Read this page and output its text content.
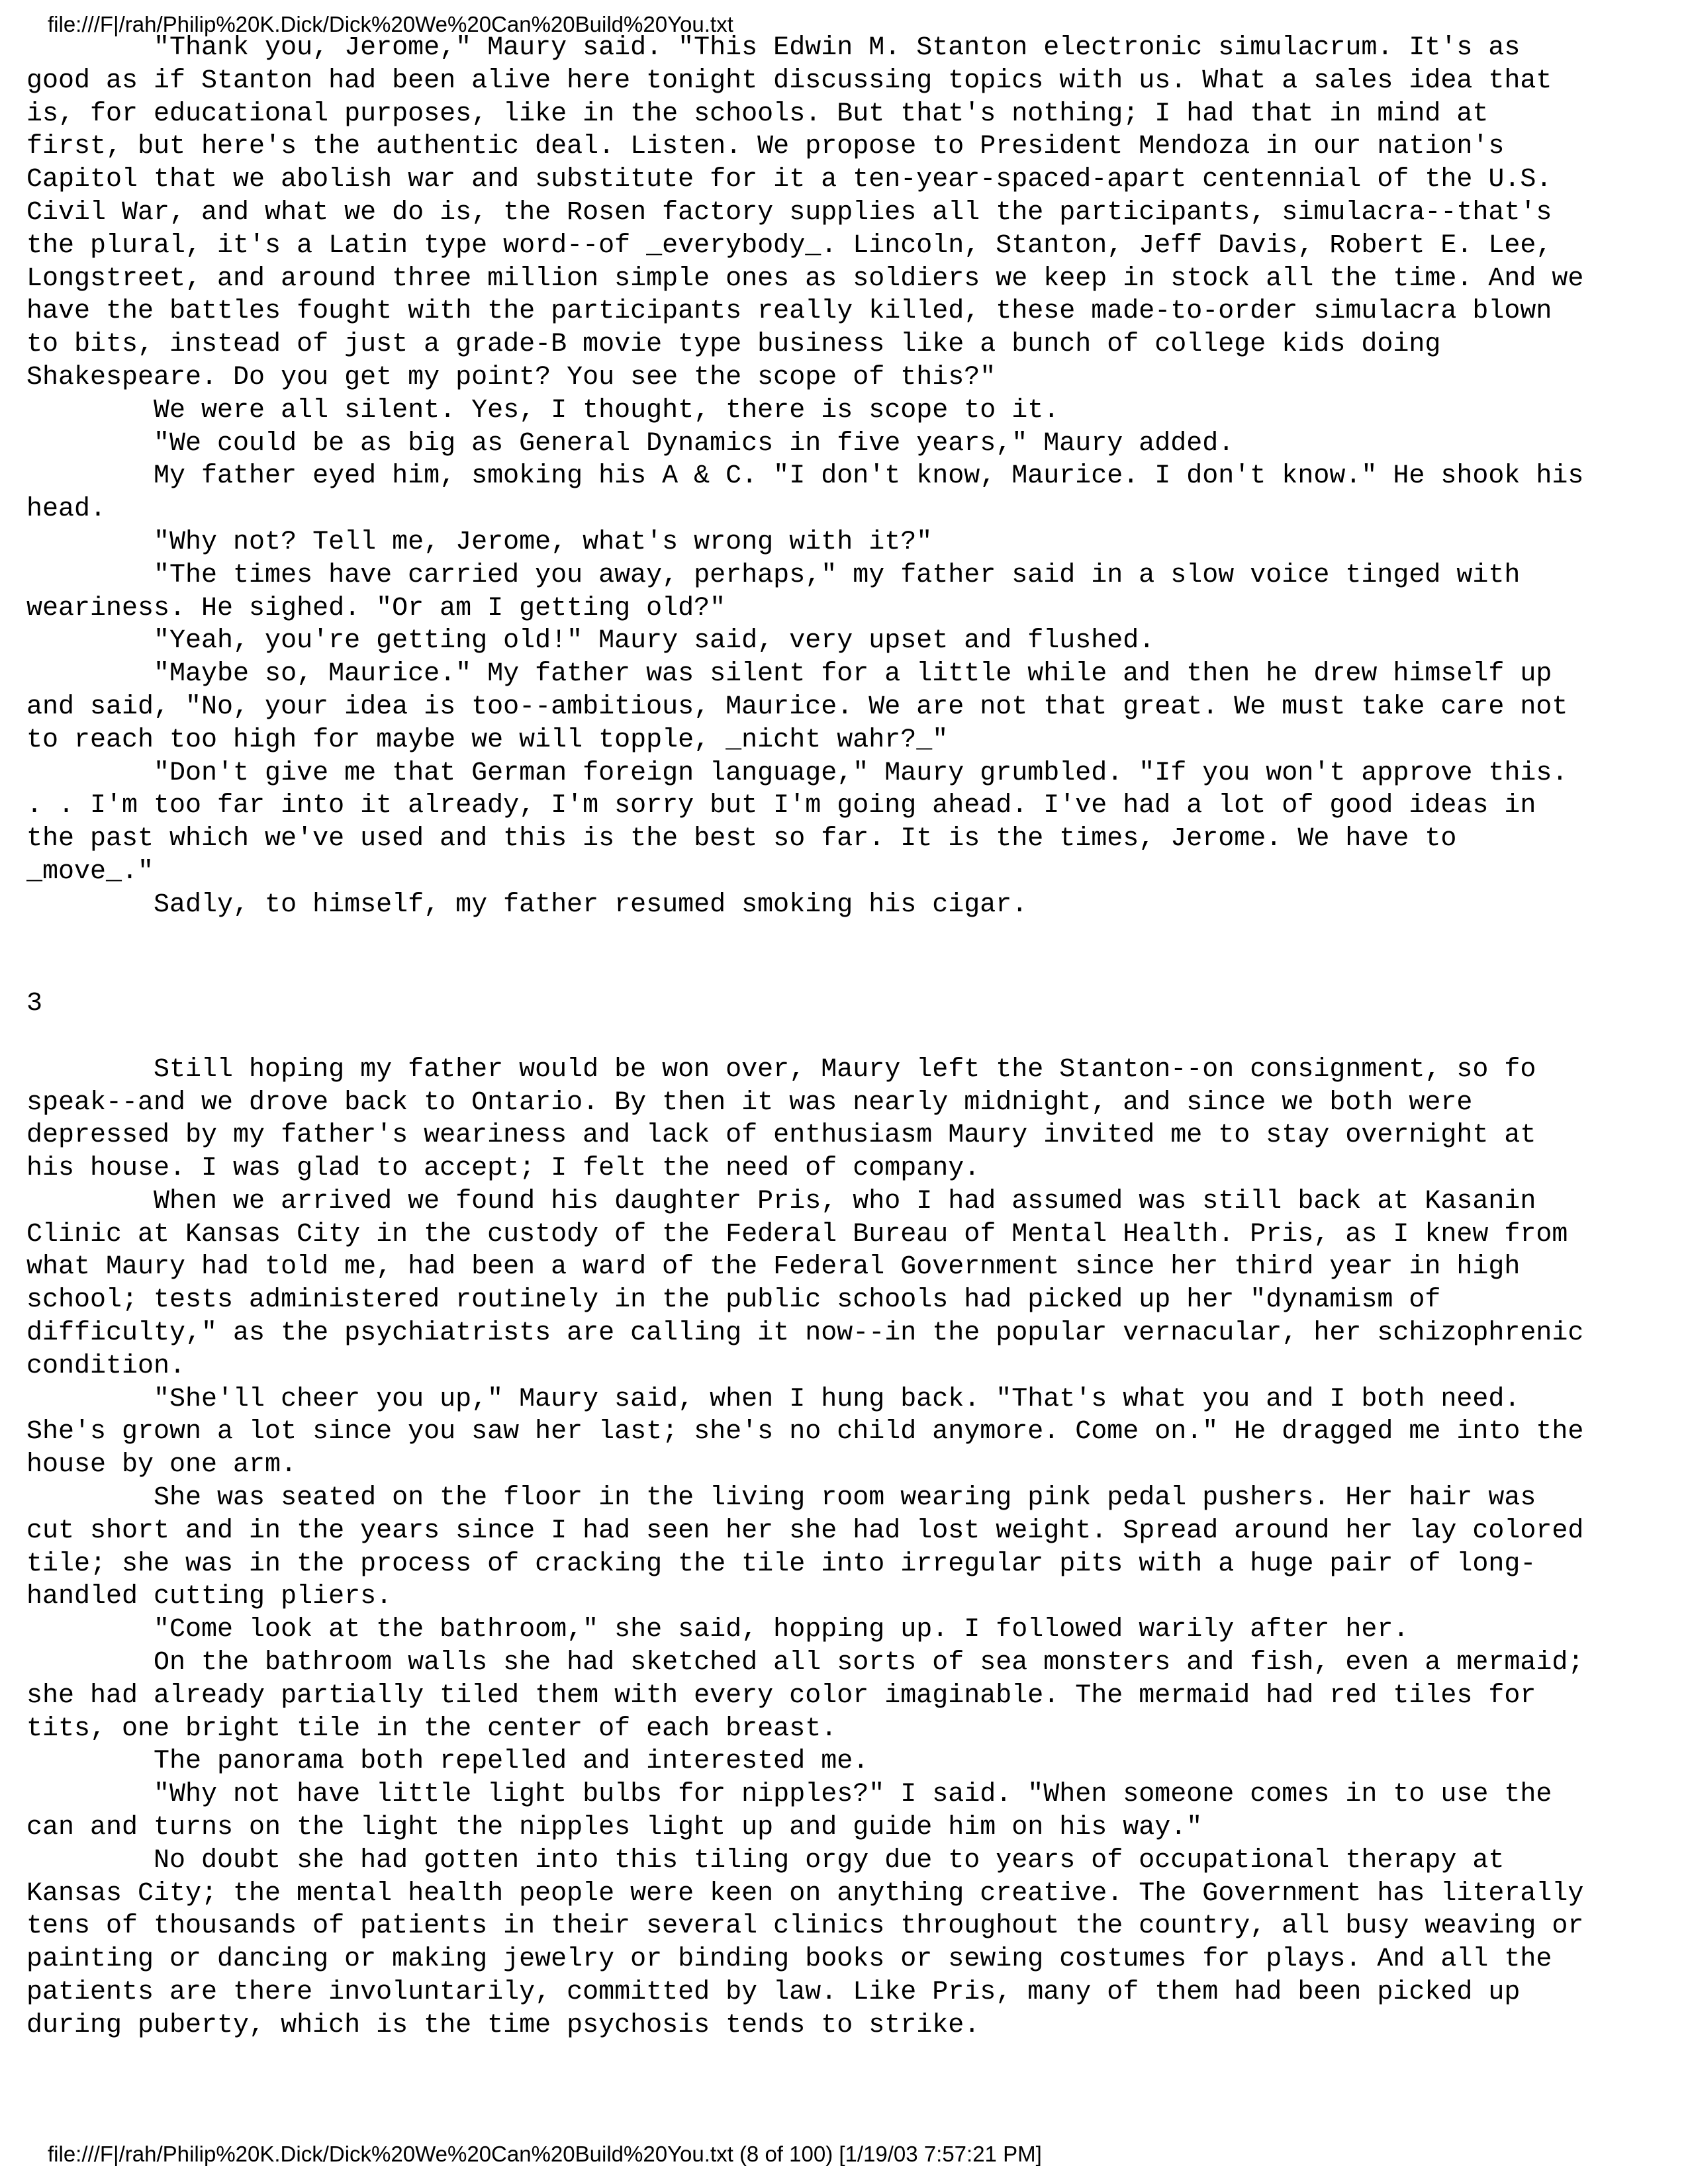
file:///F|/rah/Philip%20K.Dick/Dick%20We%20Can%20Build%20You.txt
"Thank you, Jerome," Maury said. "This Edwin M. Stanton electronic simulacrum. It's as
good as if Stanton had been alive here tonight discussing topics with us. What a sales idea that
is, for educational purposes, like in the schools. But that's nothing; I had that in mind at
first, but here's the authentic deal. Listen. We propose to President Mendoza in our nation's
Capitol that we abolish war and substitute for it a ten-year-spaced-apart centennial of the U.S.
Civil War, and what we do is, the Rosen factory supplies all the participants, simulacra--that's
the plural, it's a Latin type word--of _everybody_. Lincoln, Stanton, Jeff Davis, Robert E. Lee,
Longstreet, and around three million simple ones as soldiers we keep in stock all the time. And we
have the battles fought with the participants really killed, these made-to-order simulacra blown
to bits, instead of just a grade-B movie type business like a bunch of college kids doing
Shakespeare. Do you get my point? You see the scope of this?"
We were all silent. Yes, I thought, there is scope to it.
"We could be as big as General Dynamics in five years," Maury added.
My father eyed him, smoking his A & C. "I don't know, Maurice. I don't know." He shook his
head.
"Why not? Tell me, Jerome, what's wrong with it?"
"The times have carried you away, perhaps," my father said in a slow voice tinged with
weariness. He sighed. "Or am I getting old?"
"Yeah, you're getting old!" Maury said, very upset and flushed.
"Maybe so, Maurice." My father was silent for a little while and then he drew himself up
and said, "No, your idea is too--ambitious, Maurice. We are not that great. We must take care not
to reach too high for maybe we will topple, _nicht wahr?_"
"Don't give me that German foreign language," Maury grumbled. "If you won't approve this.
. . I'm too far into it already, I'm sorry but I'm going ahead. I've had a lot of good ideas in
the past which we've used and this is the best so far. It is the times, Jerome. We have to
_move_."
Sadly, to himself, my father resumed smoking his cigar.
3
Still hoping my father would be won over, Maury left the Stanton--on consignment, so fo
speak--and we drove back to Ontario. By then it was nearly midnight, and since we both were
depressed by my father's weariness and lack of enthusiasm Maury invited me to stay overnight at
his house. I was glad to accept; I felt the need of company.
When we arrived we found his daughter Pris, who I had assumed was still back at Kasanin
Clinic at Kansas City in the custody of the Federal Bureau of Mental Health. Pris, as I knew from
what Maury had told me, had been a ward of the Federal Government since her third year in high
school; tests administered routinely in the public schools had picked up her "dynamism of
difficulty," as the psychiatrists are calling it now--in the popular vernacular, her schizophrenic
condition.
"She'll cheer you up," Maury said, when I hung back. "That's what you and I both need.
She's grown a lot since you saw her last; she's no child anymore. Come on." He dragged me into the
house by one arm.
She was seated on the floor in the living room wearing pink pedal pushers. Her hair was
cut short and in the years since I had seen her she had lost weight. Spread around her lay colored
tile; she was in the process of cracking the tile into irregular pits with a huge pair of long-
handled cutting pliers.
"Come look at the bathroom," she said, hopping up. I followed warily after her.
On the bathroom walls she had sketched all sorts of sea monsters and fish, even a mermaid;
she had already partially tiled them with every color imaginable. The mermaid had red tiles for
tits, one bright tile in the center of each breast.
The panorama both repelled and interested me.
"Why not have little light bulbs for nipples?" I said. "When someone comes in to use the
can and turns on the light the nipples light up and guide him on his way."
No doubt she had gotten into this tiling orgy due to years of occupational therapy at
Kansas City; the mental health people were keen on anything creative. The Government has literally
tens of thousands of patients in their several clinics throughout the country, all busy weaving or
painting or dancing or making jewelry or binding books or sewing costumes for plays. And all the
patients are there involuntarily, committed by law. Like Pris, many of them had been picked up
during puberty, which is the time psychosis tends to strike.
file:///F|/rah/Philip%20K.Dick/Dick%20We%20Can%20Build%20You.txt (8 of 100) [1/19/03 7:57:21 PM]
